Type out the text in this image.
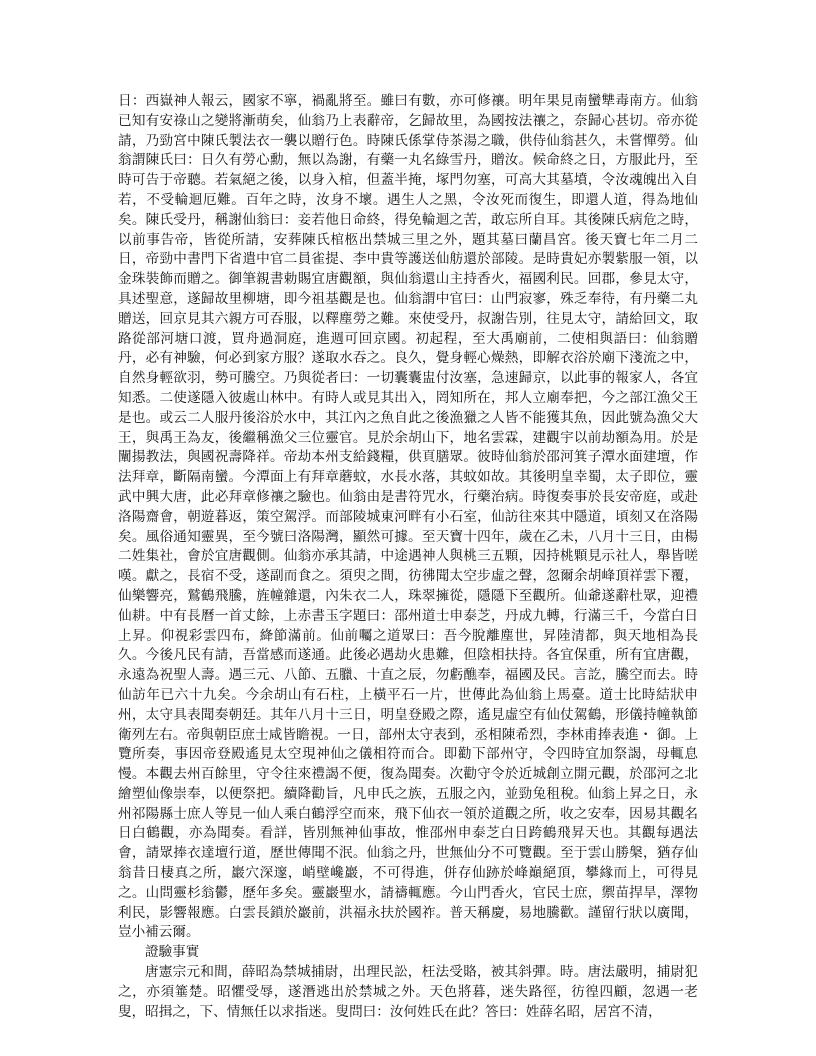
日：西嶽神人報云，國家不寧，禍亂將至。雖曰有數，亦可修禳。明年果見南蠻犨毒南方。仙翁已知有安祿山之變將漸萌矣，仙翁乃上表辭帝，乞歸故里，為國按法禳之，奈歸心甚切。帝亦從請，乃勁宮中陳氏製法衣一襲以贈行色。時陳氏係掌侍茶湯之職，供侍仙翁甚久，未嘗憚勞。仙翁謂陳氏曰：日久有勞心勳，無以為謝，有藥一丸名綠雪丹，贈汝。候命終之日，方服此丹，至時可告于帝聽。若氣絕之後，以身入棺，但蓋半掩，塚門勿塞，可高大其墓墳，令汝魂魄出入自若，不受輪迴厄難。百年之時，汝身不壞。遇生人之黑，令汝死而復生，即還人道，得為地仙矣。陳氏受丹，稱謝仙翁曰：妾若他日命終，得免輪迴之苦，敢忘所自耳。其後陳氏病危之時，以前事告帝，皆從所請，安葬陳氏棺柩出禁城三里之外，題其墓曰蘭昌宮。後天寶七年二月二日，帝勁中書門下省遣中官二員雀提、李中貴等護送仙舫還於部陵。是時貴妃亦製紫服一領，以金珠裝飾而贈之。御筆親書勅賜宜唐觀額，與仙翁還山主持香火，福國利民。回郡，參見太守，具述聖意，遂歸故里柳塘，即今祖基觀是也。仙翁謂中官曰：山門寂寥，殊乏奉待，有丹藥二丸贈送，回京見其六親方可吞服，以釋塵勞之難。來使受丹，叔謝告別，往見太守，請給回文，取路從部河塘口渡，買舟過洞庭，進週可回京國。初起程，至大禹廟前，二使相與語曰：仙翁贈丹，必有神驗，何必到家方服？遂取水吞之。良久，覺身輕心燥熱，即解衣浴於廟下淺流之中，自然身輕欲羽，勢可騰空。乃與從者曰：一切囊囊盅付汝塞，急速歸京，以此事的報家人，各宜知悉。二使遂隱入彼處山林中。有時人或見其出入，罔知所在，邦人立廟奉把，今之部江漁父王是也。或云二人服丹後浴於水中，其江內之魚自此之後漁獵之人皆不能獲其魚，因此號為漁父大王，與禹王為友，後繼稱漁父三位靈官。見於余胡山下，地名雲霖，建觀宇以前劫額為用。於是闡揚教法，與國祝壽降祥。帝劫本州支給錢糧，供頁膳眾。彼時仙翁於邵河箕子潭水面建壇，作法拜章，斷隔南蠻。今潭面上有拜章蘑蚊，水長水落，其蚊如故。其後明皇幸蜀，太子即位，靈武中興大唐，此必拜章修禳之驗也。仙翁由是書符咒水，行藥治病。時復奏事於長安帝庭，或赴洛陽齋會，朝遊暮返，策空駕浮。而部陵城東河畔有小石室，仙訪往來其中隱道，頃刻又在洛陽矣。風俗通知靈異，至今號曰洛陽灣，顯然可據。至天寶十四年，歲在乙未，八月十三日，由楊二姓集社，會於宜唐觀側。仙翁亦承其請，中途遇神人與桃三五顆，因持桃顆見示社人，舉皆嗟嘆。獻之，長宿不受，遂副而食之。須臾之間，彷彿聞太空步虛之聲，忽爾余胡峰頂祥雲下覆，仙樂響亮，鷲鶴飛騰，旌幢雜還，內朱衣二人，珠翠擁從，隱隱下至觀所。仙爺遂辭杜眾，迎禮仙耕。中有長曆一首丈餘，上赤書玉字題曰：邵州道士申泰芝，丹成九轉，行滿三千，今當白日上昇。仰視彩雲四布，絳節滿前。仙前囑之道眾曰：吾今脫離塵世，昇陸清都，與天地相為長久。今後凡民有請，吾當感而遂通。此後必遇劫火患難，但陰相扶持。各宜保重，所有宜唐觀，永遠為祝聖人壽。遇三元、八節、五臘、十直之辰，勿虧醮奉，福國及民。言訖，騰空而去。時仙訪年已六十九矣。今余胡山有石柱，上橫平石一片，世傳此為仙翁上馬臺。道士比時結狀申州，太守具表聞奏朝廷。其年八月十三日，明皇登殿之際，遙見虛空有仙仗駕鶴，形儀持幢執節衛列左右。帝與朝臣庶士咸皆瞻視。一日，部州太守表到，丞相陳希烈，李林甫捧表進・ 御。上覽所奏，事因帝登殿遙見太空現神仙之儀相符而合。即勸下部州守，令四時宜加祭謁，母輒息慢。本觀去州百餘里，守令往來禮謁不便，復為聞奏。次勸守令於近城創立開元觀，於邵河之北繪塑仙像崇奉，以便祭把。續降勸旨，凡申氏之族，五服之內，並勁兔租稅。仙翁上昇之日，永州祁陽縣士庶人等見一仙人乘白鶴浮空而來，飛下仙衣一領於道觀之所，收之安奉，因易其觀名日白鶴觀，亦為聞奏。看詳，皆別無神仙事故，惟邵州申泰芝白日跨鶴飛昇天也。其觀每遇法會，請眾捧衣達壇行道，歷世傳聞不泯。仙翁之丹，世無仙分不可覽觀。至于雲山勝槃，猶存仙翁昔日棲真之所，巖穴深邃，峭壁巉巖，不可得進，併存仙跡於峰巔絕頂，攀緣而上，可得見之。山問靈杉翁鬱，歷年多矣。靈巖聖水，請禱輒應。今山門香火，官民士庶，禦苗捍旱，澤物利民，影響報應。白雲長鎖於巖前，洪福永扶於國祚。普天稱慶，易地騰歡。謹留行狀以廣聞，豈小補云爾。

證驗事實

唐憲宗元和間，薛昭為禁城捕尉，出理民訟，枉法受賂，被其斜彈。時。唐法嚴明，捕尉犯之，亦須箠楚。昭懼受辱，遂潛逃出於禁城之外。天色將暮，迷失路徑，彷徨四顧，忽遇一老叟，昭揖之，下、情無任以求指迷。叟問曰：汝何姓氏在此？答曰：姓薛名昭，居宮不清，
